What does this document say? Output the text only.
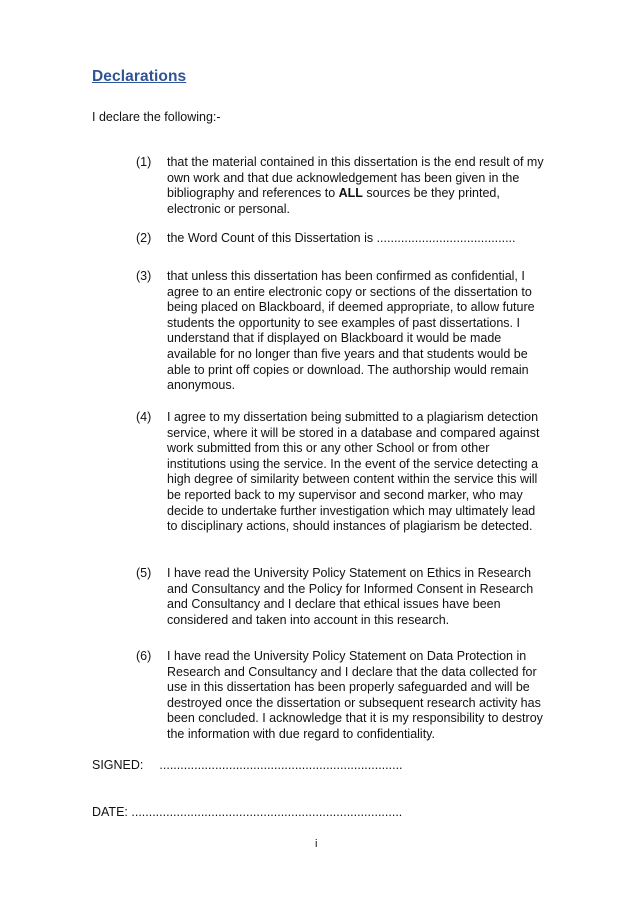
Declarations
I declare the following:-
(1)	that the material contained in this dissertation is the end result of my own work and that due acknowledgement has been given in the bibliography and references to ALL sources be they printed, electronic or personal.
(2)	the Word Count of this Dissertation is ........................................
(3)	that unless this dissertation has been confirmed as confidential, I agree to an entire electronic copy or sections of the dissertation to being placed on Blackboard, if deemed appropriate, to allow future students the opportunity to see examples of past dissertations. I understand that if displayed on Blackboard it would be made available for no longer than five years and that students would be able to print off copies or download. The authorship would remain anonymous.
(4)	I agree to my dissertation being submitted to a plagiarism detection service, where it will be stored in a database and compared against work submitted from this or any other School or from other institutions using the service. In the event of the service detecting a high degree of similarity between content within the service this will be reported back to my supervisor and second marker, who may decide to undertake further investigation which may ultimately lead to disciplinary actions, should instances of plagiarism be detected.
(5)	I have read the University Policy Statement on Ethics in Research and Consultancy and the Policy for Informed Consent in Research and Consultancy and I declare that ethical issues have been considered and taken into account in this research.
(6)	I have read the University Policy Statement on Data Protection in Research and Consultancy and I declare that the data collected for use in this dissertation has been properly safeguarded and will be destroyed once the dissertation or subsequent research activity has been concluded. I acknowledge that it is my responsibility to destroy the information with due regard to confidentiality.
SIGNED: ......................................................................
DATE: ..............................................................................
i
